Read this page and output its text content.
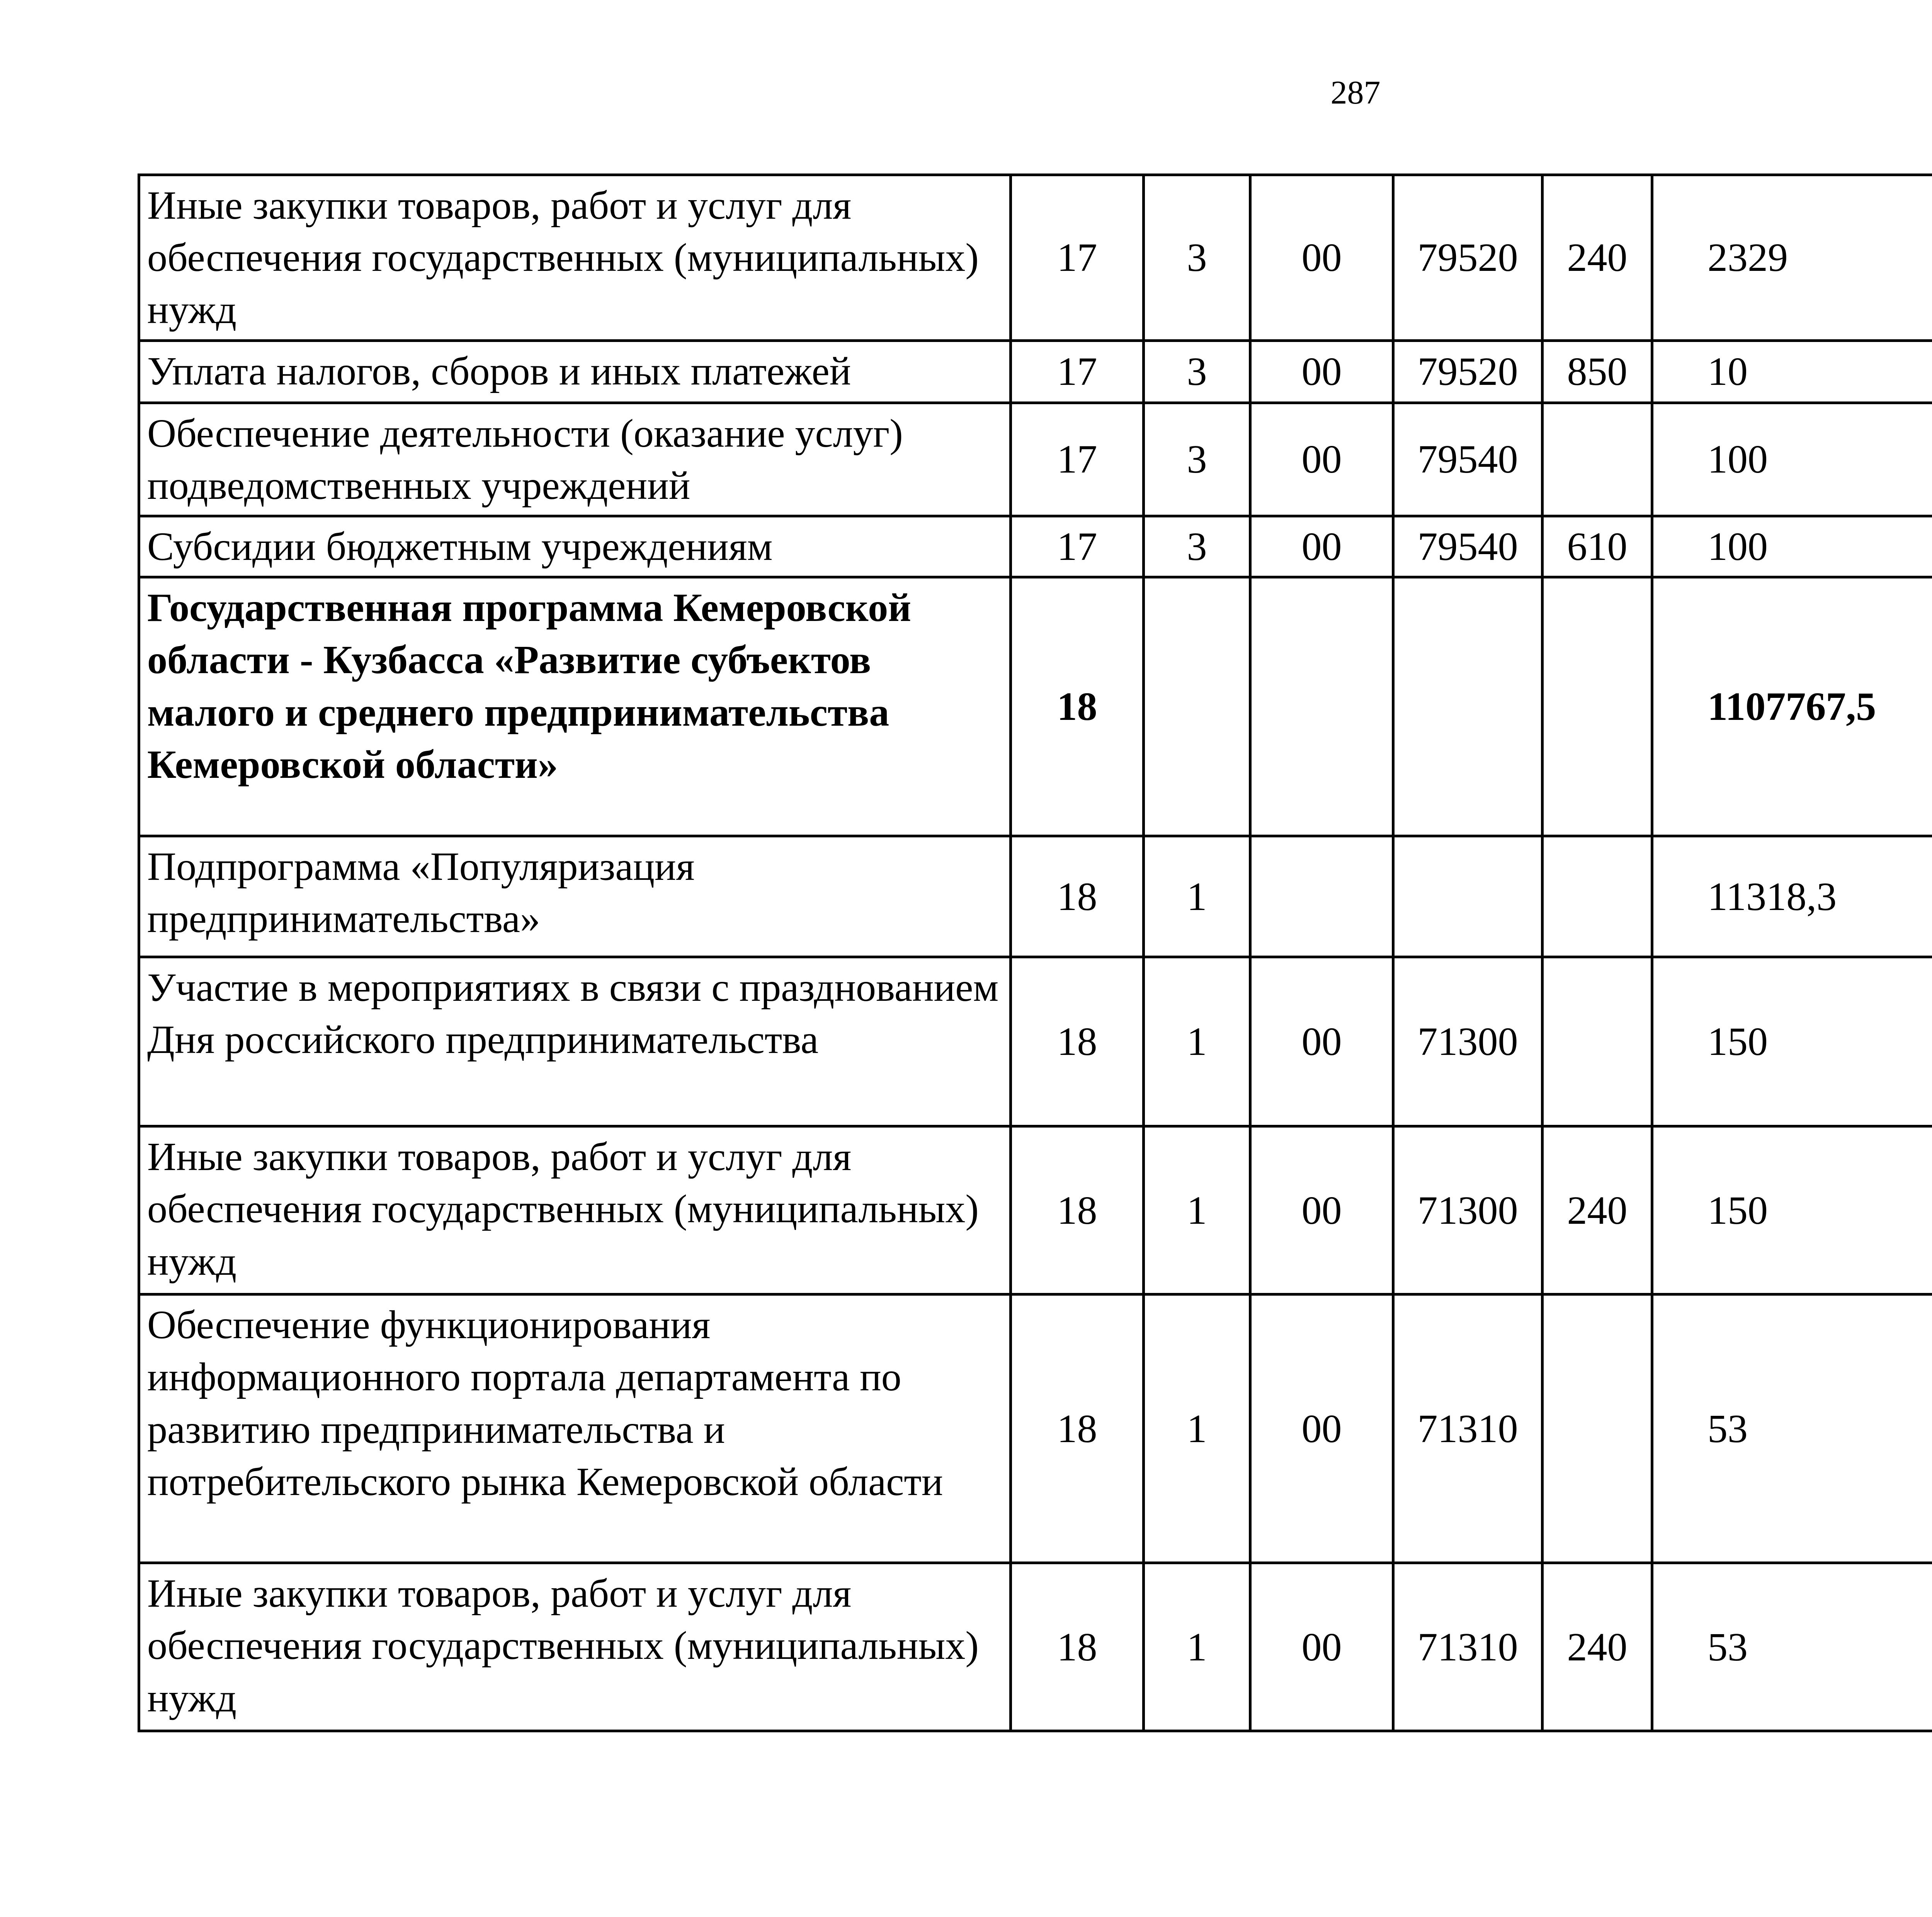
287
Иные закупки товаров, работ и услуг для обеспечения государственных (муниципальных) нужд	17	3	00	79520	240	2329		
Уплата налогов, сборов и иных платежей	17	3	00	79520	850	10		
Обеспечение деятельности (оказание услуг) подведомственных учреждений	17	3	00	79540		100		
Субсидии бюджетным учреждениям	17	3	00	79540	610	100		
Государственная программа Кемеровской области - Кузбасса «Развитие субъектов малого и среднего предпринимательства Кемеровской области»	18					1107767,5		
Подпрограмма «Популяризация предпринимательства»	18	1				11318,3		
Участие в мероприятиях в связи с празднованием Дня российского предпринимательства	18	1	00	71300		150		
Иные закупки товаров, работ и услуг для обеспечения государственных (муниципальных) нужд	18	1	00	71300	240	150		
Обеспечение функционирования информационного портала департамента по развитию предпринимательства и потребительского рынка Кемеровской области	18	1	00	71310		53		
Иные закупки товаров, работ и услуг для обеспечения государственных (муниципальных) нужд	18	1	00	71310	240	53		
